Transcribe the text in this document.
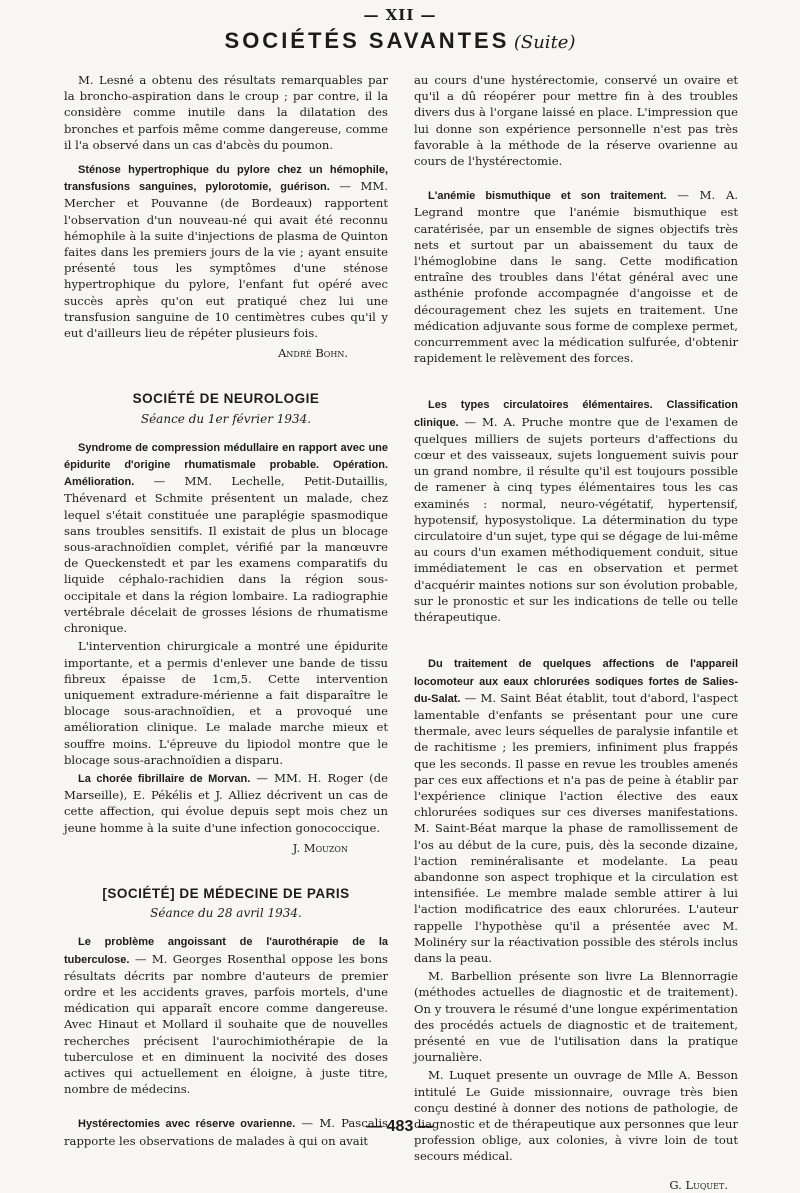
— XII —
SOCIÉTÉS SAVANTES (Suite)

M. Lesné a obtenu des résultats remarquables par la broncho-aspiration dans le croup ; par contre, il la considère comme inutile dans la dilatation des bronches et parfois même comme dangereuse, comme il l'a observé dans un cas d'abcès du poumon.

Sténose hypertrophique du pylore chez un hémophile, transfusions sanguines, pylorotomie, guérison. — MM. Mercher et Pouvanne (de Bordeaux) rapportent l'observation d'un nouveau-né qui avait été reconnu hémophile à la suite d'injections de plasma de Quinton faites dans les premiers jours de la vie ; ayant ensuite présenté tous les symptômes d'une sténose hypertrophique du pylore, l'enfant fut opéré avec succès après qu'on eut pratiqué chez lui une transfusion sanguine de 10 centimètres cubes qu'il y eut d'ailleurs lieu de répéter plusieurs fois.

André Bohn.
SOCIÉTÉ DE NEUROLOGIE
Séance du 1er février 1934.

Syndrome de compression médullaire en rapport avec une épidurite d'origine rhumatismale probable. Opération. Amélioration. — MM. Lechelle, Petit-Dutaillis, Thévenard et Schmite présentent un malade, chez lequel s'était constituée une paraplégie spasmodique sans troubles sensitifs. Il existait de plus un blocage sous-arachnoïdien complet, vérifié par la manœuvre de Queckenstedt et par les examens comparatifs du liquide céphalo-rachidien dans la région sous-occipitale et dans la région lombaire. La radiographie vertébrale décelait de grosses lésions de rhumatisme chronique.

L'intervention chirurgicale a montré une épidurite importante, et a permis d'enlever une bande de tissu fibreux épaisse de 1cm,5. Cette intervention uniquement extradure-mérienne a fait disparaître le blocage sous-arachnoïdien, et a provoqué une amélioration clinique. Le malade marche mieux et souffre moins. L'épreuve du lipiodol montre que le blocage sous-arachnoïdien a disparu.

La chorée fibrillaire de Morvan. — MM. H. Roger (de Marseille), E. Pékélis et J. Alliez décrivent un cas de cette affection, qui évolue depuis sept mois chez un jeune homme à la suite d'une infection gonococcique.

J. Mouzon
[SOCIÉTÉ] DE MÉDECINE DE PARIS
Séance du 28 avril 1934.

Le problème angoissant de l'aurothérapie de la tuberculose. — M. Georges Rosenthal oppose les bons résultats décrits par nombre d'auteurs de premier ordre et les accidents graves, parfois mortels, d'une médication qui apparaît encore comme dangereuse. Avec Hinaut et Mollard il souhaite que de nouvelles recherches précisent l'aurochimiothérapie de la tuberculose et en diminuent la nocivité des doses actives qui actuellement en éloigne, à juste titre, nombre de médecins.

Hystérectomies avec réserve ovarienne. — M. Pascalis rapporte les observations de malades à qui on avait

au cours d'une hystérectomie, conservé un ovaire et qu'il a dû réopérer pour mettre fin à des troubles divers dus à l'organe laissé en place. L'impression que lui donne son expérience personnelle n'est pas très favorable à la méthode de la réserve ovarienne au cours de l'hystérectomie.

L'anémie bismuthique et son traitement. — M. A. Legrand montre que l'anémie bismuthique est caratérisée, par un ensemble de signes objectifs très nets et surtout par un abaissement du taux de l'hémoglobine dans le sang. Cette modification entraîne des troubles dans l'état général avec une asthénie profonde accompagnée d'angoisse et de découragement chez les sujets en traitement. Une médication adjuvante sous forme de complexe permet, concurremment avec la médication sulfurée, d'obtenir rapidement le relèvement des forces.

Les types circulatoires élémentaires. Classification clinique. — M. A. Pruche montre que de l'examen de quelques milliers de sujets porteurs d'affections du cœur et des vaisseaux, sujets longuement suivis pour un grand nombre, il résulte qu'il est toujours possible de ramener à cinq types élémentaires tous les cas examinés : normal, neuro-végétatif, hypertensif, hypotensif, hyposystolique. La détermination du type circulatoire d'un sujet, type qui se dégage de lui-même au cours d'un examen méthodiquement conduit, situe immédiatement le cas en observation et permet d'acquérir maintes notions sur son évolution probable, sur le pronostic et sur les indications de telle ou telle thérapeutique.

Du traitement de quelques affections de l'appareil locomoteur aux eaux chlorurées sodiques fortes de Salies-du-Salat. — M. Saint Béat établit, tout d'abord, l'aspect lamentable d'enfants se présentant pour une cure thermale, avec leurs séquelles de paralysie infantile et de rachitisme ; les premiers, infiniment plus frappés que les seconds. Il passe en revue les troubles amenés par ces eux affections et n'a pas de peine à établir par l'expérience clinique l'action élective des eaux chlorurées sodiques sur ces diverses manifestations. M. Saint-Béat marque la phase de ramollissement de l'os au début de la cure, puis, dès la seconde dizaine, l'action reminéralisante et modelante. La peau abandonne son aspect trophique et la circulation est intensifiée. Le membre malade semble attirer à lui l'action modificatrice des eaux chlorurées. L'auteur rappelle l'hypothèse qu'il a présentée avec M. Molinéry sur la réactivation possible des stérols inclus dans la peau.

M. Barbellion présente son livre La Blennorragie (méthodes actuelles de diagnostic et de traitement). On y trouvera le résumé d'une longue expérimentation des procédés actuels de diagnostic et de traitement, présenté en vue de l'utilisation dans la pratique journalière.

M. Luquet presente un ouvrage de Mlle A. Besson intitulé Le Guide missionnaire, ouvrage très bien conçu destiné à donner des notions de pathologie, de diagnostic et de thérapeutique aux personnes que leur profession oblige, aux colonies, à vivre loin de tout secours médical.

G. Luquet.
— 483 —
